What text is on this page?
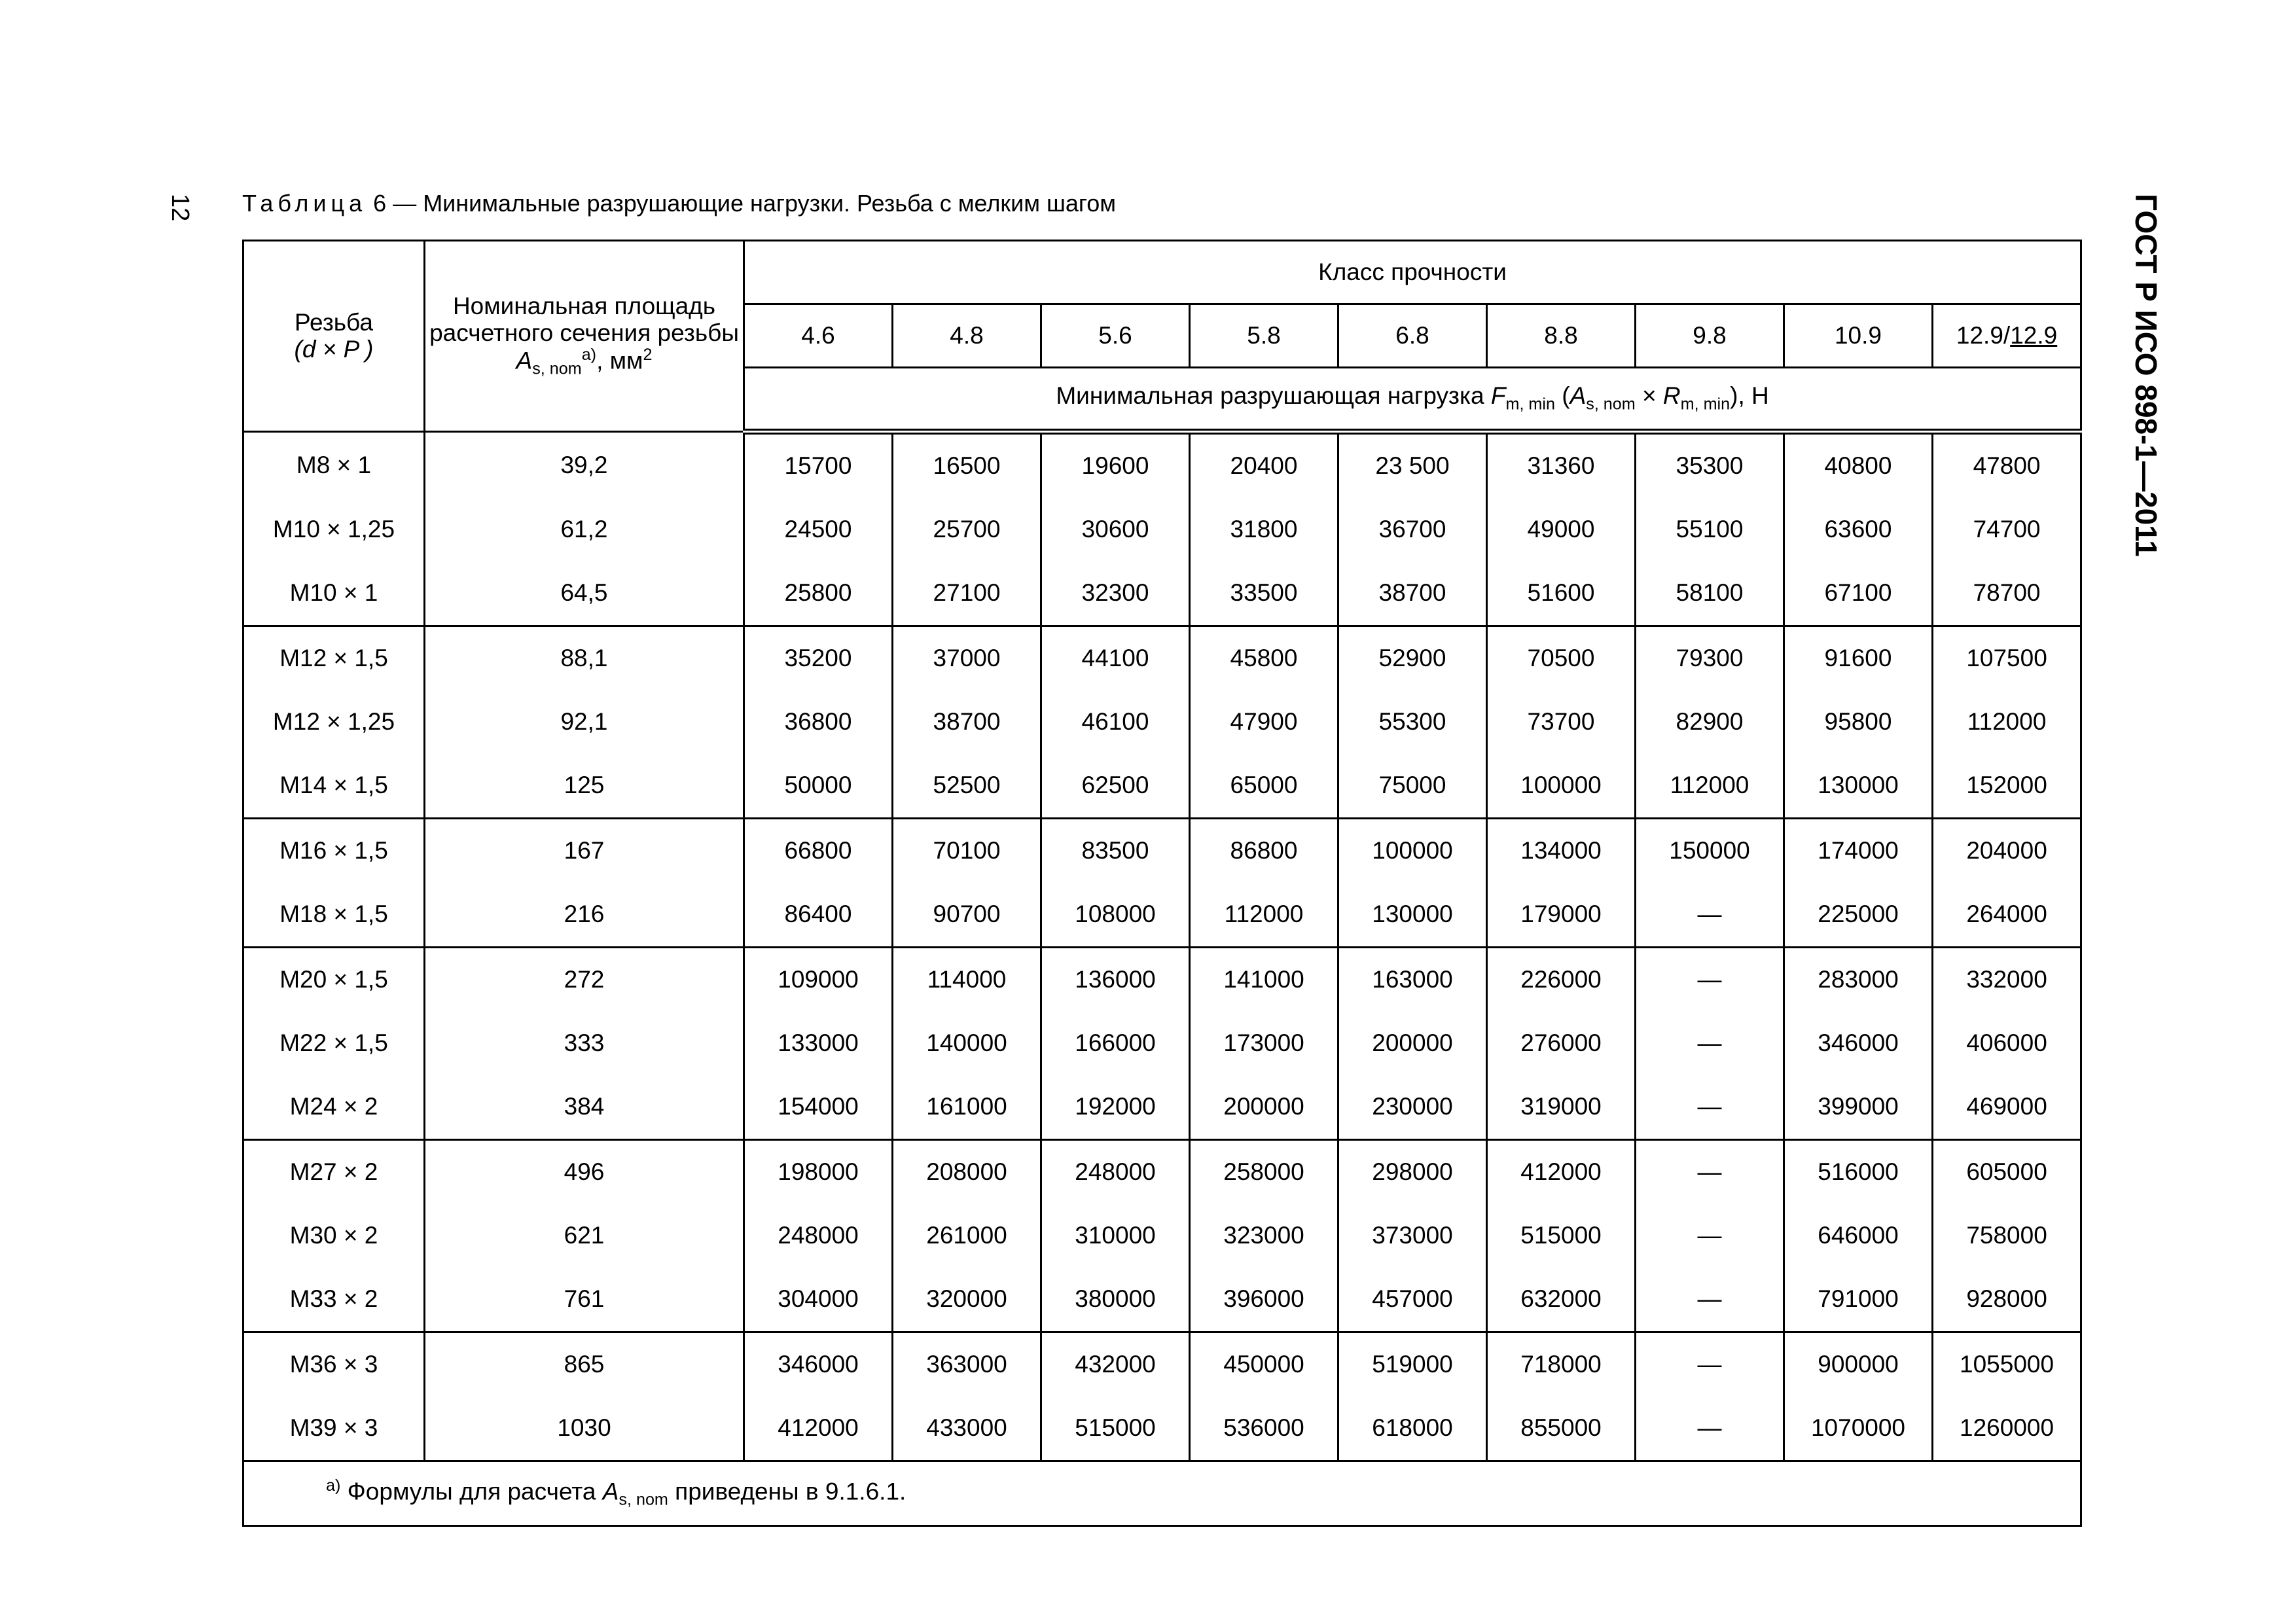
12	ГОСТ Р ИСО 898-1—2011
Таблица 6 — Минимальные разрушающие нагрузки. Резьба с мелким шагом
Резьба
(d × P )	Номинальная площадь расчетного сечения резьбы
$A_{s, nom}^{a)}$, $мм^2$	Класс прочности								
		4.6	4.8	5.6	5.8	6.8	8.8	9.8	10.9	12.9/12.9
		Минимальная разрушающая нагрузка $F_{m, min}$ $(A_{s, nom} \times R_{m, min})$, Н								
M8 × 1	39,2	15700	16500	19600	20400	23 500	31360	35300	40800	47800
M10 × 1,25	61,2	24500	25700	30600	31800	36700	49000	55100	63600	74700
M10 × 1	64,5	25800	27100	32300	33500	38700	51600	58100	67100	78700
M12 × 1,5	88,1	35200	37000	44100	45800	52900	70500	79300	91600	107500
M12 × 1,25	92,1	36800	38700	46100	47900	55300	73700	82900	95800	112000
M14 × 1,5	125	50000	52500	62500	65000	75000	100000	112000	130000	152000
M16 × 1,5	167	66800	70100	83500	86800	100000	134000	150000	174000	204000
M18 × 1,5	216	86400	90700	108000	112000	130000	179000	—	225000	264000
M20 × 1,5	272	109000	114000	136000	141000	163000	226000	—	283000	332000
M22 × 1,5	333	133000	140000	166000	173000	200000	276000	—	346000	406000
M24 × 2	384	154000	161000	192000	200000	230000	319000	—	399000	469000
M27 × 2	496	198000	208000	248000	258000	298000	412000	—	516000	605000
M30 × 2	621	248000	261000	310000	323000	373000	515000	—	646000	758000
M33 × 2	761	304000	320000	380000	396000	457000	632000	—	791000	928000
M36 × 3	865	346000	363000	432000	450000	519000	718000	—	900000	1055000
M39 × 3	1030	412000	433000	515000	536000	618000	855000	—	1070000	1260000
$^{a)}$ Формулы для расчета $A_{s, nom}$ приведены в 9.1.6.1.										
